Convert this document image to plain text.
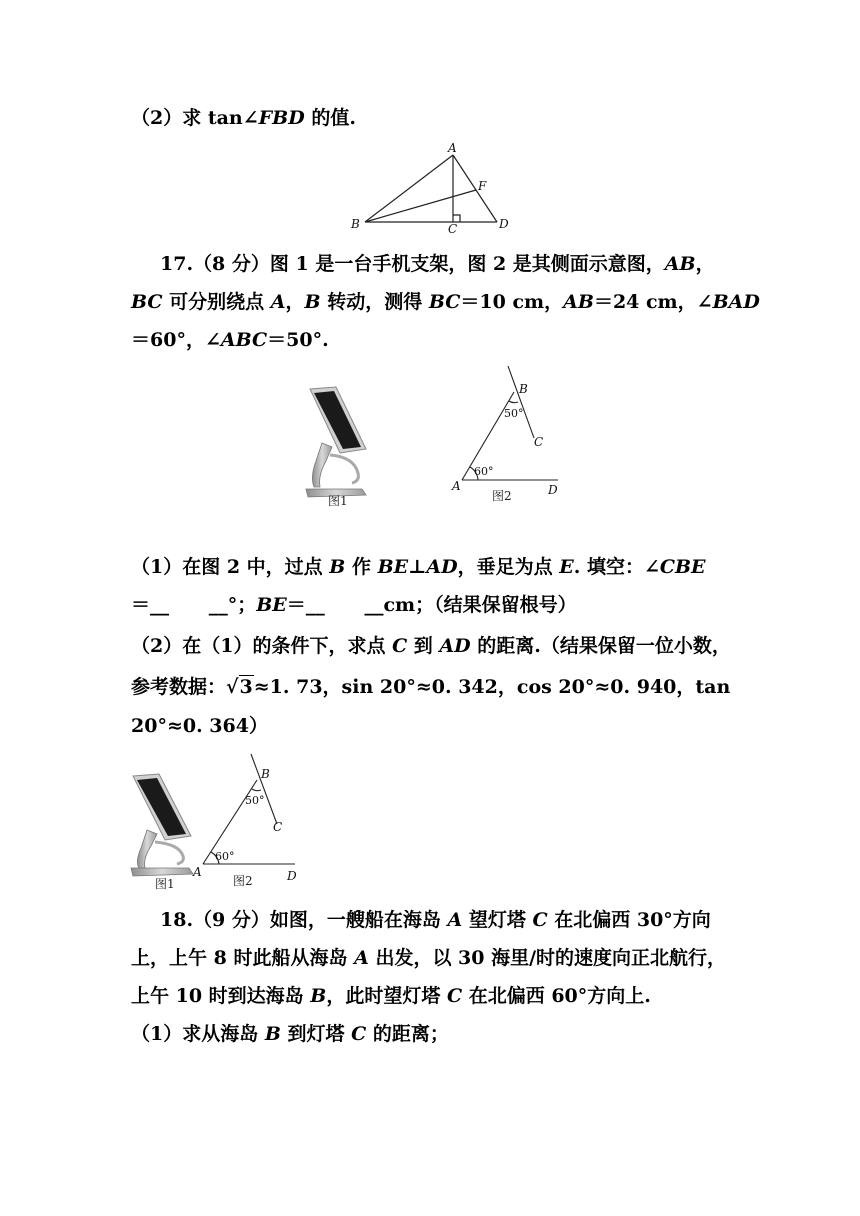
（2）求 tan∠FBD 的值.
A
B	C	D
F
17.（8 分）图 1 是一台手机支架，图 2 是其侧面示意图，AB，
BC 可分别绕点 A，B 转动，测得 BC＝10 cm，AB＝24 cm，∠BAD
＝60°，∠ABC＝50°.
图1
B
C
A	D
50°
60°
图2
（1）在图 2 中，过点 B 作 BE⊥AD，垂足为点 E. 填空：∠CBE
＝__      __°；BE＝__      __cm；（结果保留根号）
（2）在（1）的条件下，求点 C 到 AD 的距离.（结果保留一位小数，
参考数据：√3≈1. 73，sin 20°≈0. 342，cos 20°≈0. 940，tan
20°≈0. 364）
图1
B
C
A	D
50°
60°
图2
18.（9 分）如图，一艘船在海岛 A 望灯塔 C 在北偏西 30°方向
上，上午 8 时此船从海岛 A 出发，以 30 海里/时的速度向正北航行，
上午 10 时到达海岛 B，此时望灯塔 C 在北偏西 60°方向上.
（1）求从海岛 B 到灯塔 C 的距离；
